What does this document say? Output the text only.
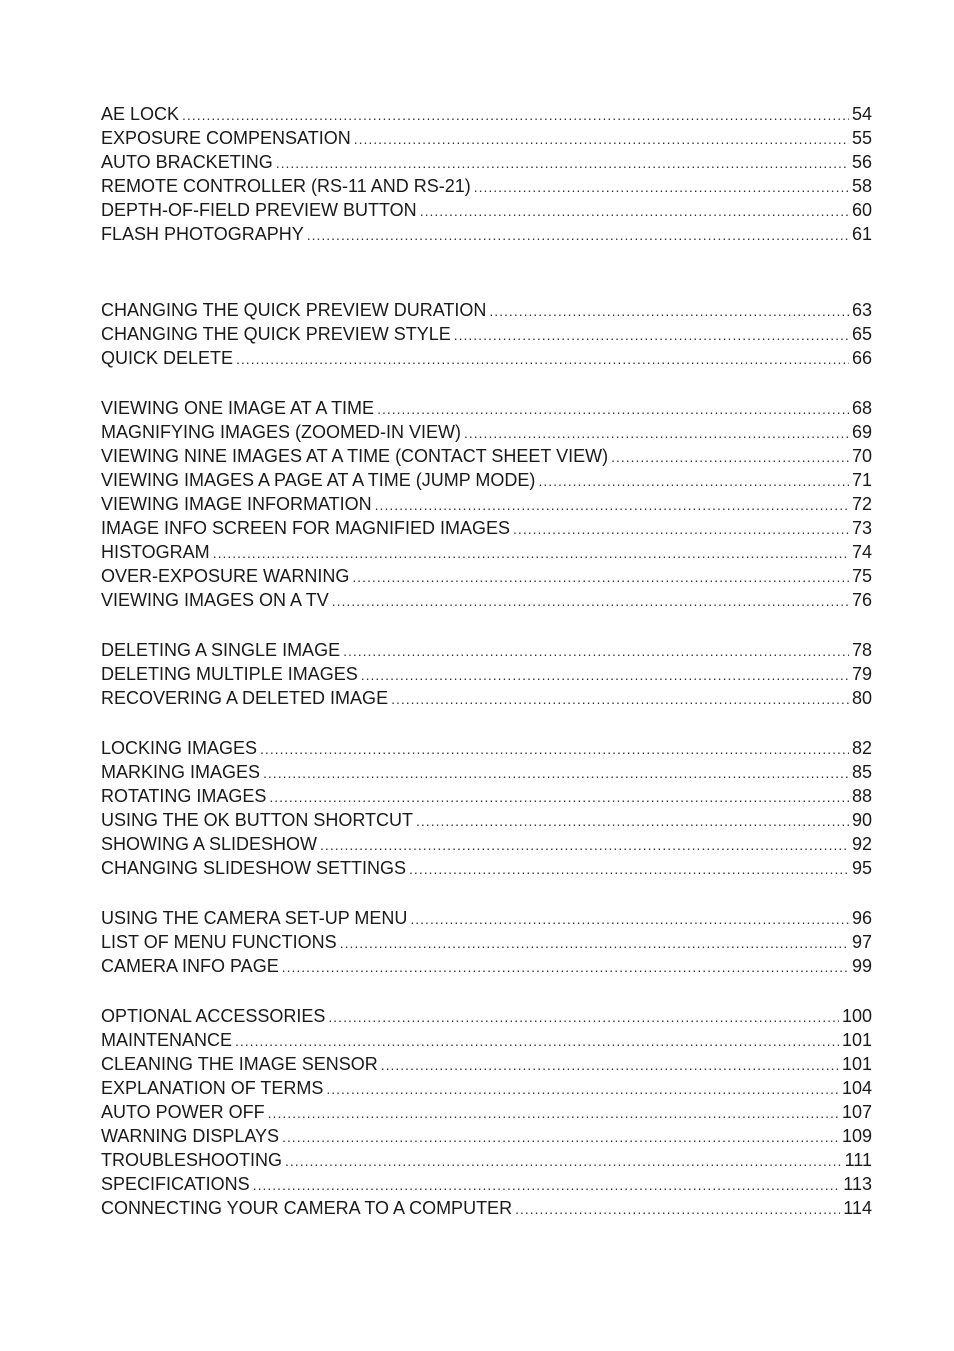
AE LOCK .....	54
EXPOSURE COMPENSATION .....	55
AUTO BRACKETING .....	56
REMOTE CONTROLLER (RS-11 AND RS-21) .....	58
DEPTH-OF-FIELD PREVIEW BUTTON .....	60
FLASH PHOTOGRAPHY .....	61
CHANGING THE QUICK PREVIEW DURATION .....	63
CHANGING THE QUICK PREVIEW STYLE .....	65
QUICK DELETE .....	66
VIEWING ONE IMAGE AT A TIME .....	68
MAGNIFYING IMAGES (ZOOMED-IN VIEW) .....	69
VIEWING NINE IMAGES AT A TIME (CONTACT SHEET VIEW) .....	70
VIEWING IMAGES A PAGE AT A TIME (JUMP MODE) .....	71
VIEWING IMAGE INFORMATION .....	72
IMAGE INFO SCREEN FOR MAGNIFIED IMAGES .....	73
HISTOGRAM .....	74
OVER-EXPOSURE WARNING .....	75
VIEWING IMAGES ON A TV .....	76
DELETING A SINGLE IMAGE .....	78
DELETING MULTIPLE IMAGES .....	79
RECOVERING A DELETED IMAGE .....	80
LOCKING IMAGES .....	82
MARKING IMAGES .....	85
ROTATING IMAGES .....	88
USING THE OK BUTTON SHORTCUT .....	90
SHOWING A SLIDESHOW .....	92
CHANGING SLIDESHOW SETTINGS .....	95
USING THE CAMERA SET-UP MENU .....	96
LIST OF MENU FUNCTIONS .....	97
CAMERA INFO PAGE .....	99
OPTIONAL ACCESSORIES .....	100
MAINTENANCE .....	101
CLEANING THE IMAGE SENSOR .....	101
EXPLANATION OF TERMS .....	104
AUTO POWER OFF .....	107
WARNING DISPLAYS .....	109
TROUBLESHOOTING .....	111
SPECIFICATIONS .....	113
CONNECTING YOUR CAMERA TO A COMPUTER .....	114
